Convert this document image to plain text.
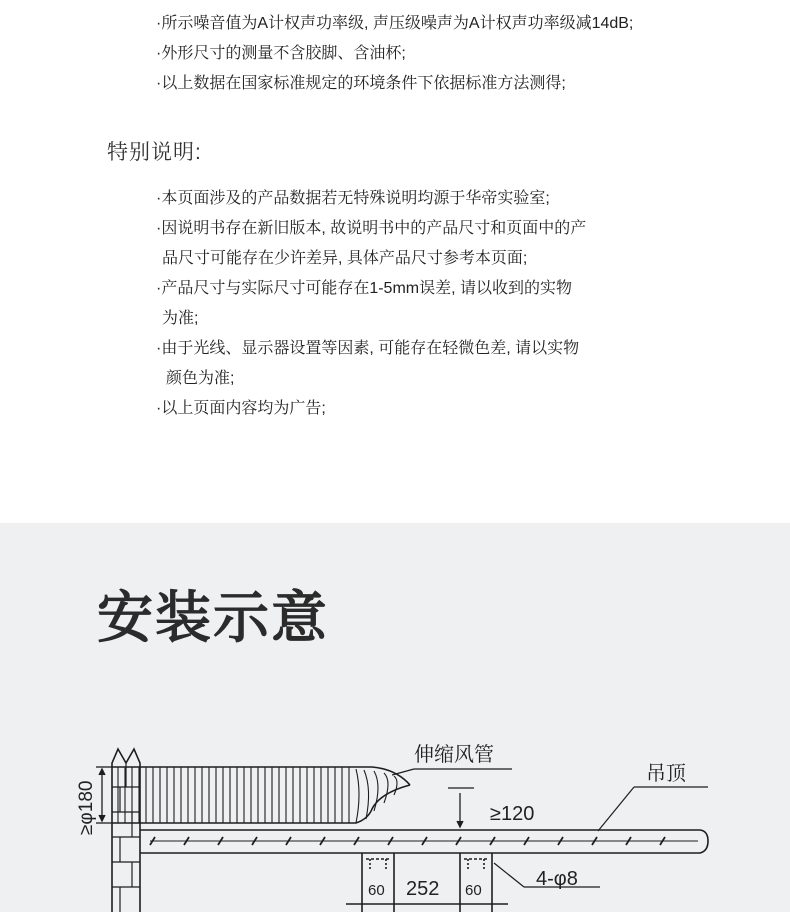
·所示噪音值为A计权声功率级, 声压级噪声为A计权声功率级减14dB;
·外形尺寸的测量不含胶脚、含油杯;
·以上数据在国家标准规定的环境条件下依据标准方法测得;
特别说明:
·本页面涉及的产品数据若无特殊说明均源于华帝实验室;
·因说明书存在新旧版本, 故说明书中的产品尺寸和页面中的产
品尺寸可能存在少许差异, 具体产品尺寸参考本页面;
·产品尺寸与实际尺寸可能存在1-5mm误差, 请以收到的实物
为准;
·由于光线、显示器设置等因素, 可能存在轻微色差, 请以实物
颜色为准;
·以上页面内容均为广告;
安装示意
伸缩风管
吊顶
≥φ180	≥120
4-φ8
60 252 60
